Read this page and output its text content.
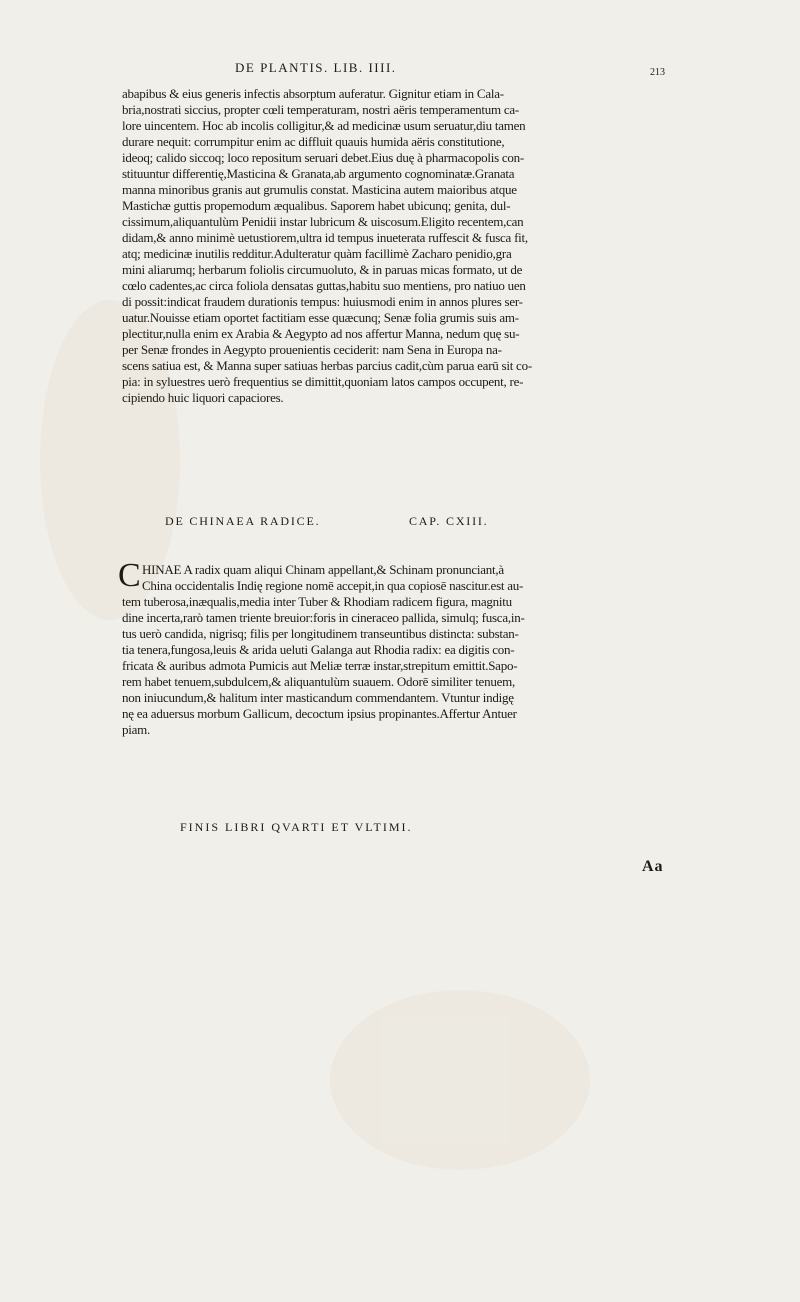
DE PLANTIS. LIB. IIII.	213
abapibus & eius generis infectis absorptum auferatur. Gignitur etiam in Cala-
bria,nostrati siccius, propter cœli temperaturam, nostri aëris temperamentum ca-
lore uincentem. Hoc ab incolis colligitur,& ad medicinæ usum seruatur,diu tamen
durare nequit: corrumpitur enim ac diffluit quauis humida aëris constitutione,
ideoq; calido siccoq; loco repositum seruari debet.Eius duę à pharmacopolis con-
stituuntur differentię,Masticina & Granata,ab argumento cognominatæ.Granata
manna minoribus granis aut grumulis constat. Masticina autem maioribus atque
Mastichæ guttis propemodum æqualibus. Saporem habet ubicunq; genita, dul-
cissimum,aliquantulùm Penidii instar lubricum & uiscosum.Eligito recentem,can
didam,& anno minimè uetustiorem,ultra id tempus inueterata ruffescit & fusca fit,
atq; medicinæ inutilis redditur.Adulteratur quàm facillimè Zacharo penidio,gra
mini aliarumq; herbarum foliolis circumuoluto, & in paruas micas formato, ut de
cœlo cadentes,ac circa foliola densatas guttas,habitu suo mentiens, pro natiuo uen
di possit:indicat fraudem durationis tempus: huiusmodi enim in annos plures ser-
uatur.Nouisse etiam oportet factitiam esse quæcunq; Senæ folia grumis suis am-
plectitur,nulla enim ex Arabia & Aegypto ad nos affertur Manna, nedum quę su-
per Senæ frondes in Aegypto prouenientis ceciderit: nam Sena in Europa na-
scens satiua est, & Manna super satiuas herbas parcius cadit,cùm parua earū sit co-
pia: in syluestres uerò frequentius se dimittit,quoniam latos campos occupent, re-
cipiendo huic liquori capaciores.
DE CHINAEA RADICE.	CAP. CXIII.
C HINAE A radix quam aliqui Chinam appellant,& Schinam pronunciant,à
China occidentalis Indię regione nomē accepit,in qua copiosē nascitur.est au-
tem tuberosa,inæqualis,media inter Tuber & Rhodiam radicem figura, magnitu
dine incerta,rarò tamen triente breuior:foris in cineraceo pallida, simulq; fusca,in-
tus uerò candida, nigrisq; filis per longitudinem transeuntibus distincta: substan-
tia tenera,fungosa,leuis & arida ueluti Galanga aut Rhodia radix: ea digitis con-
fricata & auribus admota Pumicis aut Meliæ terræ instar,strepitum emittit.Sapo-
rem habet tenuem,subdulcem,& aliquantulùm suauem. Odorē similiter tenuem,
non iniucundum,& halitum inter masticandum commendantem. Vtuntur indigę
nę ea aduersus morbum Gallicum, decoctum ipsius propinantes.Affertur Antuer
piam.
FINIS LIBRI QVARTI ET VLTIMI.
Aa
